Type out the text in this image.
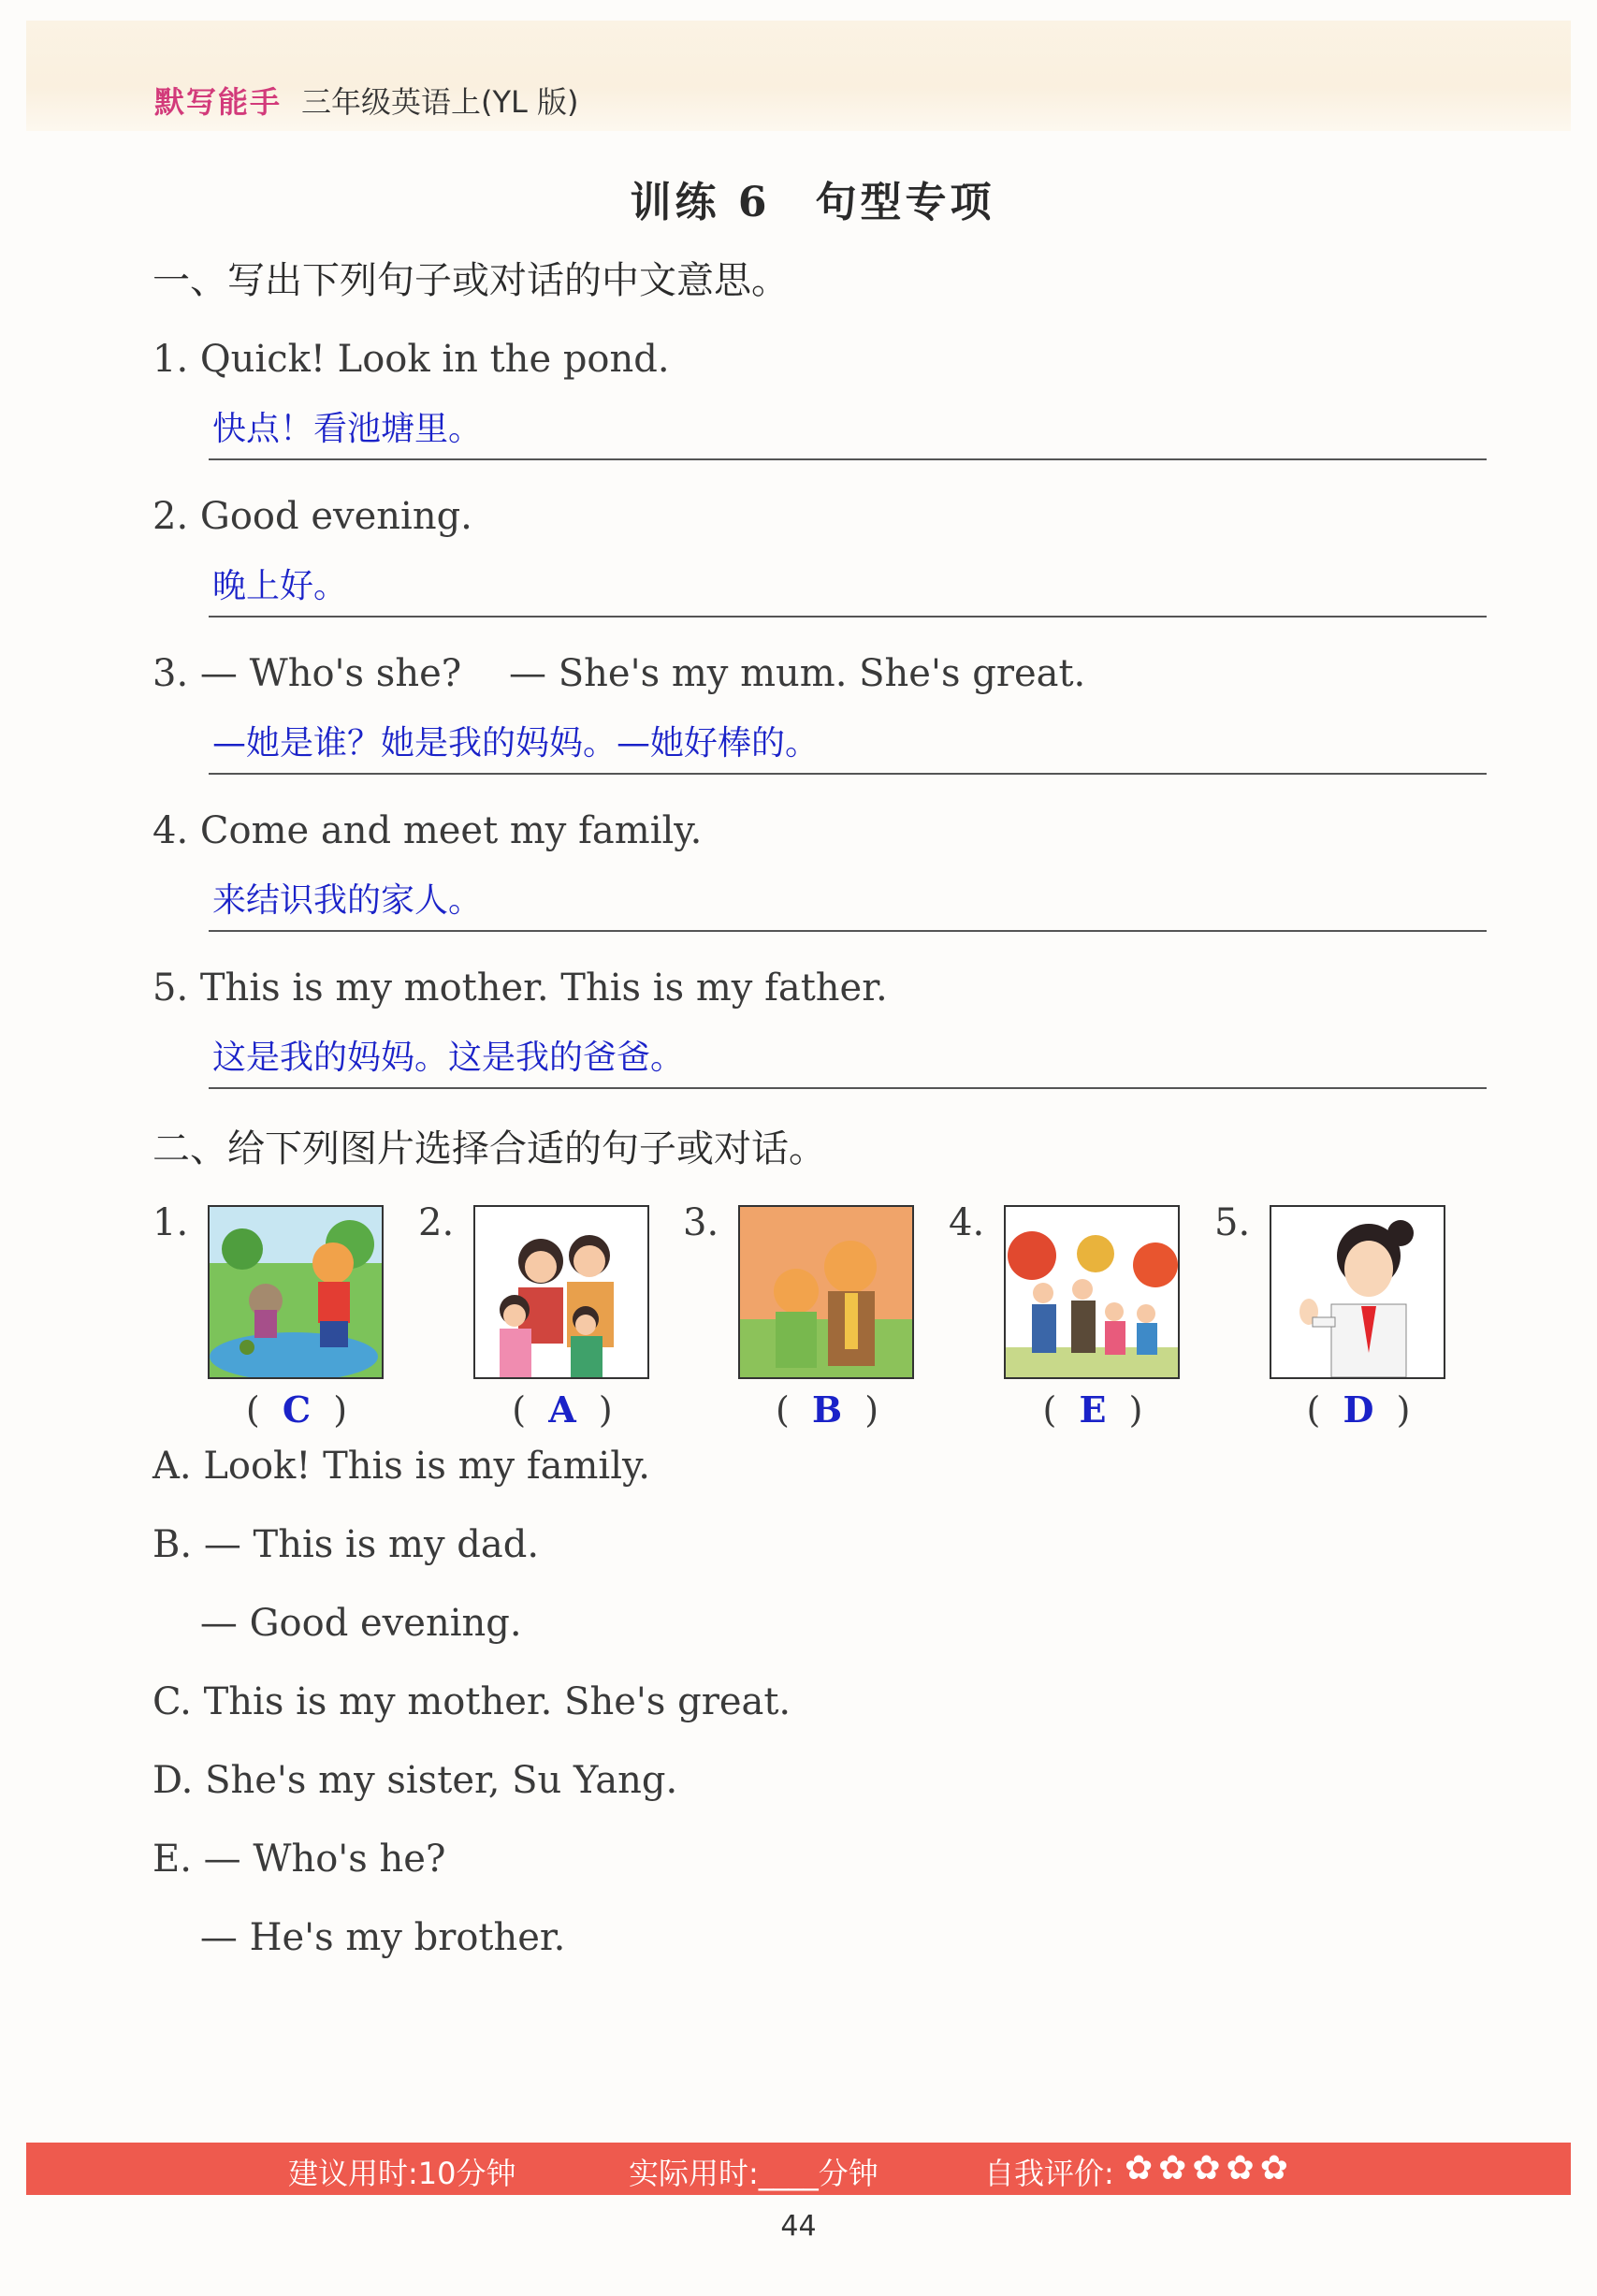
默写能手 三年级英语上(YL 版)
训练 6　句型专项
一、写出下列句子或对话的中文意思。
1. Quick! Look in the pond.
快点！看池塘里。
2. Good evening.
晚上好。
3. — Who's she?    — She's my mum. She's great.
—她是谁？她是我的妈妈。—她好棒的。
4. Come and meet my family.
来结识我的家人。
5. This is my mother. This is my father.
这是我的妈妈。这是我的爸爸。
二、给下列图片选择合适的句子或对话。
1.
(  C  )
2.
(  A  )
3.
(  B  )
4.
(  E  )
5.
(  D  )
A. Look! This is my family.
B. — This is my dad.
— Good evening.
C. This is my mother. She's great.
D. She's my sister, Su Yang.
E. — Who's he?
— He's my brother.
建议用时:10分钟	实际用时:____分钟	自我评价: ✿ ✿ ✿ ✿ ✿
44
